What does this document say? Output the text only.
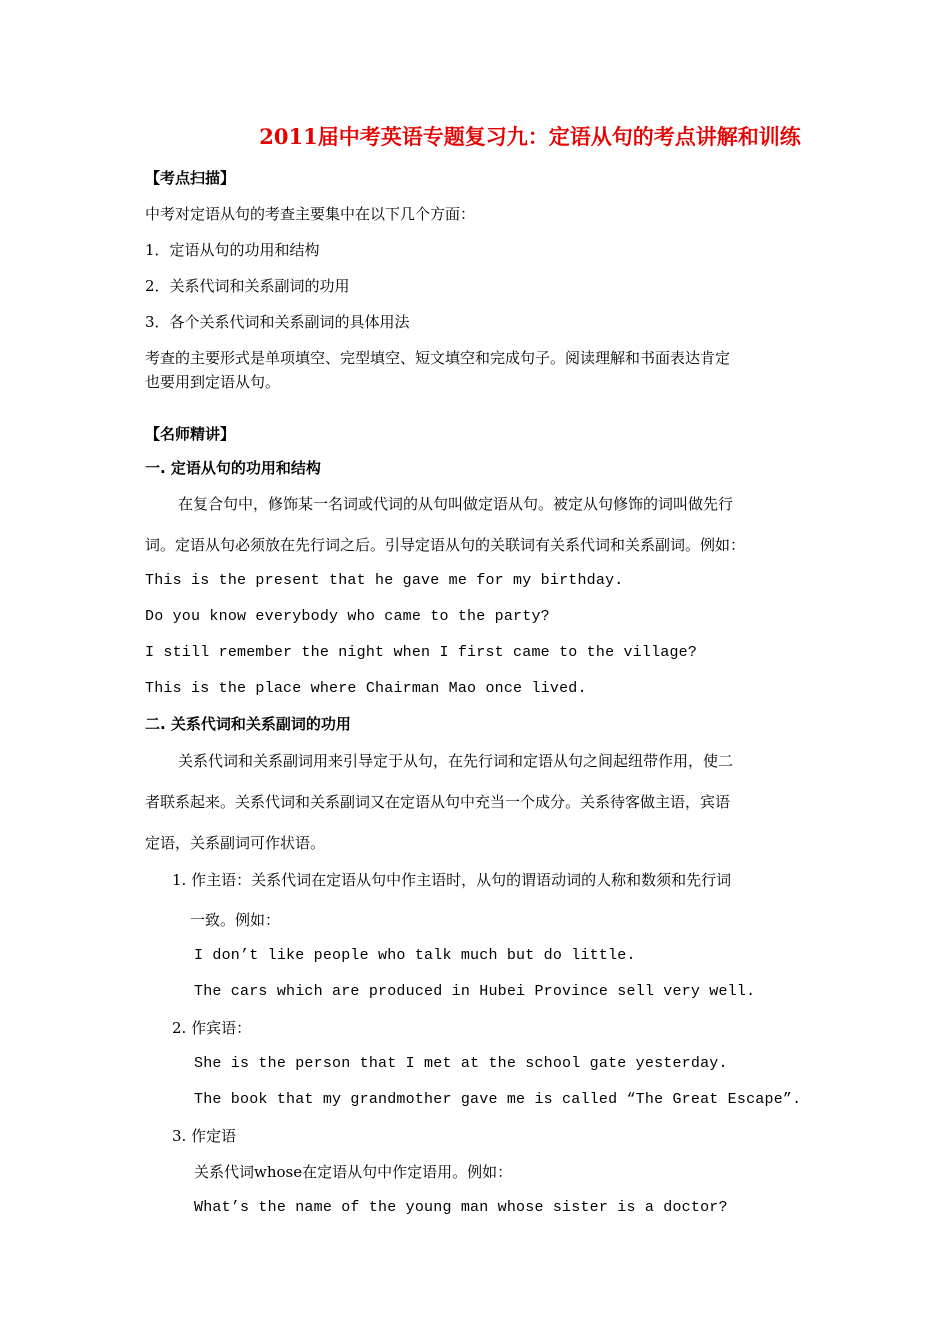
2011届中考英语专题复习九：定语从句的考点讲解和训练
【考点扫描】
中考对定语从句的考查主要集中在以下几个方面：
1．定语从句的功用和结构
2．关系代词和关系副词的功用
3．各个关系代词和关系副词的具体用法
考查的主要形式是单项填空、完型填空、短文填空和完成句子。阅读理解和书面表达肯定
也要用到定语从句。
【名师精讲】
一. 定语从句的功用和结构
在复合句中，修饰某一名词或代词的从句叫做定语从句。被定从句修饰的词叫做先行
词。定语从句必须放在先行词之后。引导定语从句的关联词有关系代词和关系副词。例如：
This is the present that he gave me for my birthday.
Do you know everybody who came to the party?
I still remember the night when I first came to the village?
This is the place where Chairman Mao once lived.
二. 关系代词和关系副词的功用
关系代词和关系副词用来引导定于从句，在先行词和定语从句之间起纽带作用，使二
者联系起来。关系代词和关系副词又在定语从句中充当一个成分。关系待客做主语，宾语
定语，关系副词可作状语。
1. 作主语：关系代词在定语从句中作主语时，从句的谓语动词的人称和数须和先行词
一致。例如：
I don’t like people who talk much but do little.
The cars which are produced in Hubei Province sell very well.
2. 作宾语：
She is the person that I met at the school gate yesterday.
The book that my grandmother gave me is called “The Great Escape”.
3. 作定语
关系代词whose在定语从句中作定语用。例如：
What’s the name of the young man whose sister is a doctor?
